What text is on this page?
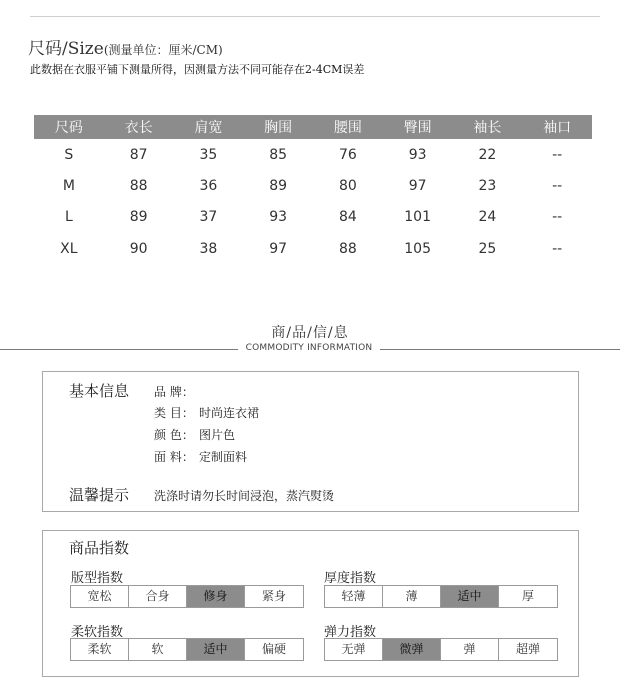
尺码/Size(测量单位：厘米/CM)
此数据在衣服平铺下测量所得，因测量方法不同可能存在2-4CM误差
尺码	衣长	肩宽	胸围	腰围	臀围	袖长	袖口
S	87	35	85	76	93	22	--
M	88	36	89	80	97	23	--
L	89	37	93	84	101	24	--
XL	90	38	97	88	105	25	--
商/品/信/息
COMMODITY INFORMATION
基本信息 品 牌：
类 目： 时尚连衣裙
颜 色： 图片色
面 料： 定制面料
温馨提示 洗涤时请勿长时间浸泡，蒸汽熨烫
商品指数
版型指数
宽松	合身	修身	紧身
厚度指数
轻薄	薄	适中	厚
柔软指数
柔软	软	适中	偏硬
弹力指数
无弹	微弹	弹	超弹
